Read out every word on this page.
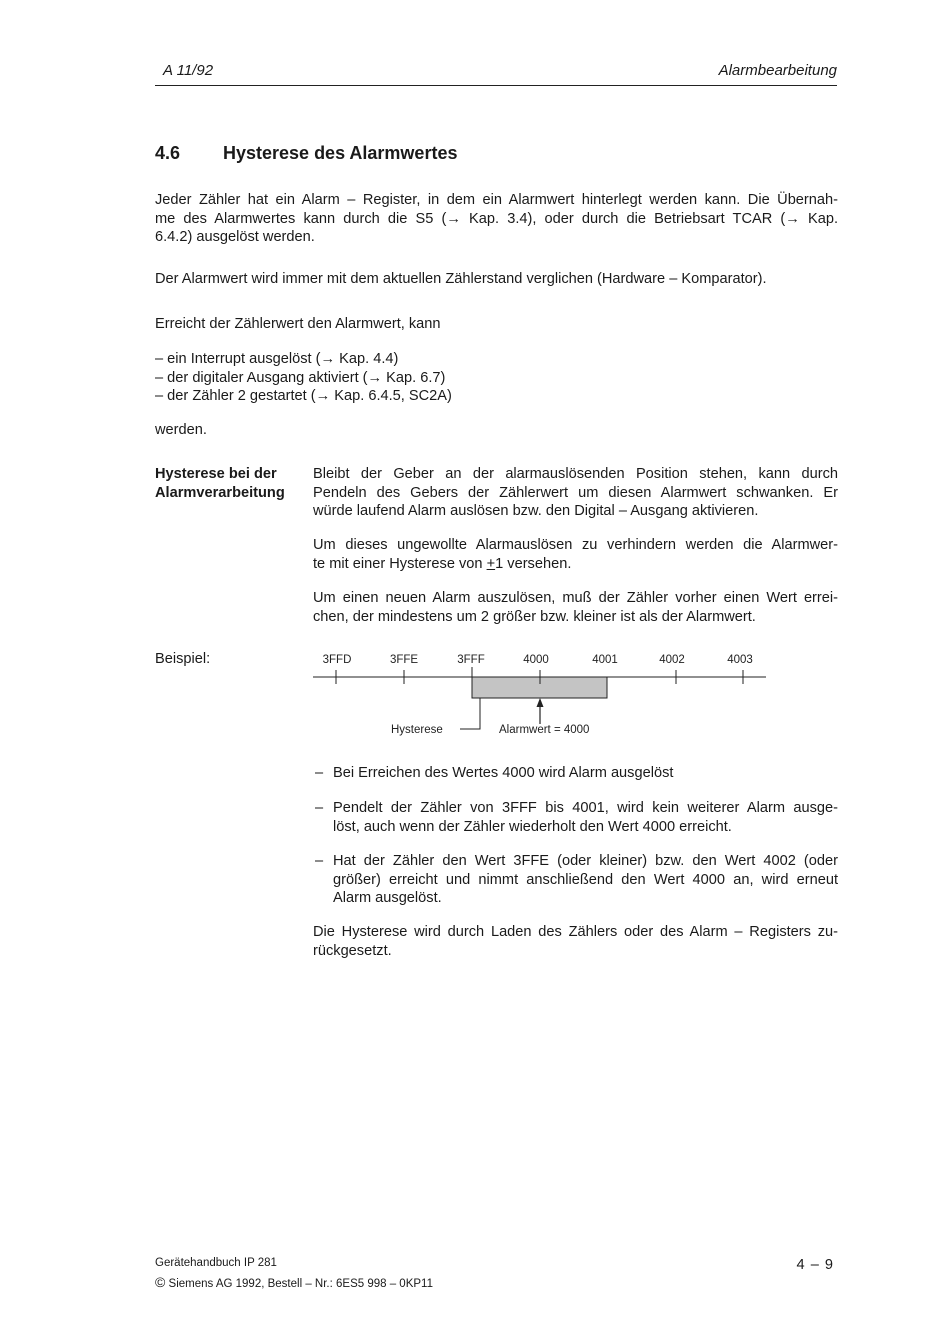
A 11/92	Alarmbearbeitung
4.6 Hysterese des Alarmwertes
Jeder Zähler hat ein Alarm – Register, in dem ein Alarmwert hinterlegt werden kann. Die Übernah-
me des Alarmwertes kann durch die S5 (→ Kap. 3.4), oder durch die Betriebsart TCAR (→ Kap.
6.4.2) ausgelöst werden.
Der Alarmwert wird immer mit dem aktuellen Zählerstand verglichen (Hardware – Komparator).
Erreicht der Zählerwert den Alarmwert, kann
– ein Interrupt ausgelöst (→ Kap. 4.4)
– der digitaler Ausgang aktiviert (→ Kap. 6.7)
– der Zähler 2 gestartet (→ Kap. 6.4.5, SC2A)
werden.
Hysterese bei der
Alarmverarbeitung
Bleibt der Geber an der alarmauslösenden Position stehen, kann durch
Pendeln des Gebers der Zählerwert um diesen Alarmwert schwanken. Er
würde laufend Alarm auslösen bzw. den Digital – Ausgang aktivieren.
Um dieses ungewollte Alarmauslösen zu verhindern werden die Alarmwer-
te mit einer Hysterese von +1 versehen.
Um einen neuen Alarm auszulösen, muß der Zähler vorher einen Wert errei-
chen, der mindestens um 2 größer bzw. kleiner ist als der Alarmwert.
Beispiel:	3FFD	3FFE	3FFF	4000	4001	4002	4003
Hysterese	Alarmwert = 4000
– Bei Erreichen des Wertes 4000 wird Alarm ausgelöst
– Pendelt der Zähler von 3FFF bis 4001, wird kein weiterer Alarm ausge-
löst, auch wenn der Zähler wiederholt den Wert 4000 erreicht.
– Hat der Zähler den Wert 3FFE (oder kleiner) bzw. den Wert 4002 (oder
größer) erreicht und nimmt anschließend den Wert 4000 an, wird erneut
Alarm ausgelöst.
Die Hysterese wird durch Laden des Zählers oder des Alarm – Registers zu-
rückgesetzt.
Gerätehandbuch IP 281
© Siemens AG 1992, Bestell – Nr.: 6ES5 998 – 0KP11
4 – 9
